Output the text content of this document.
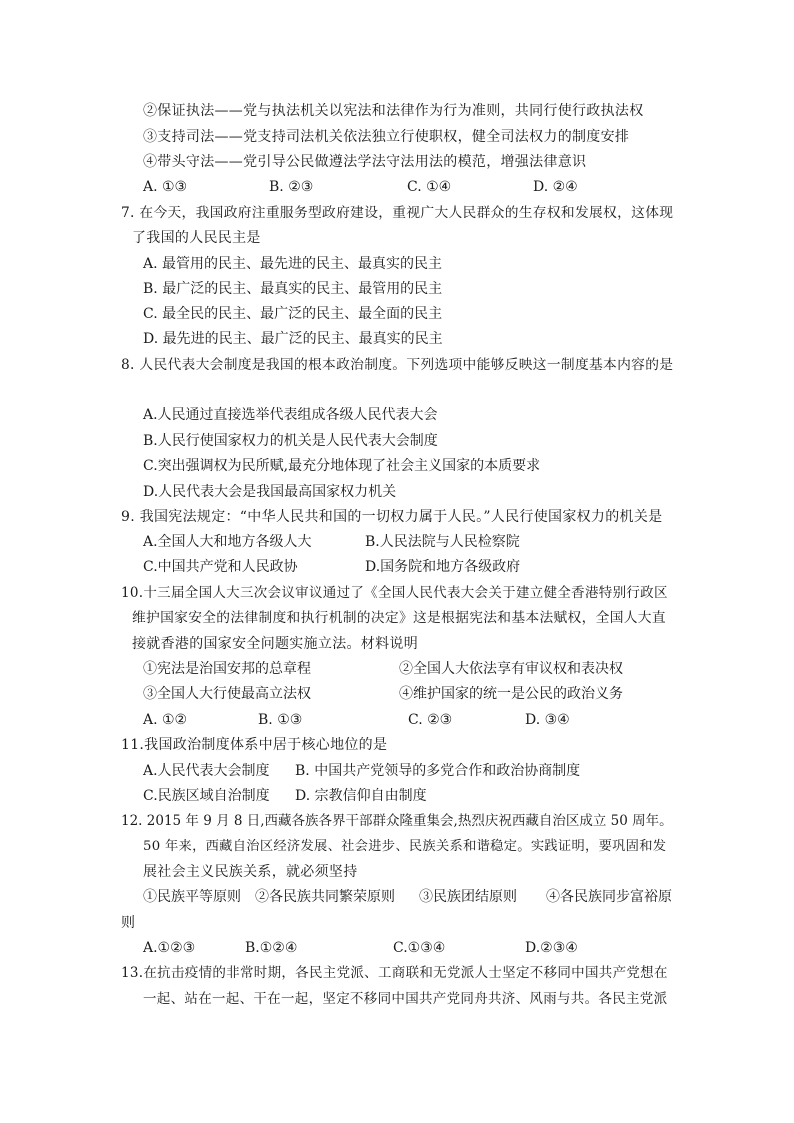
②保证执法——党与执法机关以宪法和法律作为行为准则，共同行使行政执法权
③支持司法——党支持司法机关依法独立行使职权，健全司法权力的制度安排
④带头守法——党引导公民做遵法学法守法用法的模范，增强法律意识
A. ①③	B. ②③	C. ①④	D. ②④
7. 在今天，我国政府注重服务型政府建设，重视广大人民群众的生存权和发展权，这体现
了我国的人民民主是
A. 最管用的民主、最先进的民主、最真实的民主
B. 最广泛的民主、最真实的民主、最管用的民主
C. 最全民的民主、最广泛的民主、最全面的民主
D. 最先进的民主、最广泛的民主、最真实的民主
8. 人民代表大会制度是我国的根本政治制度。下列选项中能够反映这一制度基本内容的是
A.人民通过直接选举代表组成各级人民代表大会
B.人民行使国家权力的机关是人民代表大会制度
C.突出强调权为民所赋,最充分地体现了社会主义国家的本质要求
D.人民代表大会是我国最高国家权力机关
9. 我国宪法规定：“中华人民共和国的一切权力属于人民。”人民行使国家权力的机关是
A.全国人大和地方各级人大	B.人民法院与人民检察院
C.中国共产党和人民政协	D.国务院和地方各级政府
10.十三届全国人大三次会议审议通过了《全国人民代表大会关于建立健全香港特别行政区
维护国家安全的法律制度和执行机制的决定》这是根据宪法和基本法赋权，全国人大直
接就香港的国家安全问题实施立法。材料说明
①宪法是治国安邦的总章程	②全国人大依法享有审议权和表决权
③全国人大行使最高立法权	④维护国家的统一是公民的政治义务
A. ①②	B. ①③	C. ②③	D. ③④
11.我国政治制度体系中居于核心地位的是
A.人民代表大会制度 B. 中国共产党领导的多党合作和政治协商制度
C.民族区域自治制度 D. 宗教信仰自由制度
12. 2015 年 9 月 8 日,西藏各族各界干部群众隆重集会,热烈庆祝西藏自治区成立 50 周年。
50 年来，西藏自治区经济发展、社会进步、民族关系和谐稳定。实践证明，要巩固和发
展社会主义民族关系，就必须坚持
①民族平等原则 ②各民族共同繁荣原则 ③民族团结原则 ④各民族同步富裕原
则
A.①②③	B.①②④	C.①③④	D.②③④
13.在抗击疫情的非常时期，各民主党派、工商联和无党派人士坚定不移同中国共产党想在
一起、站在一起、干在一起，坚定不移同中国共产党同舟共济、风雨与共。各民主党派
